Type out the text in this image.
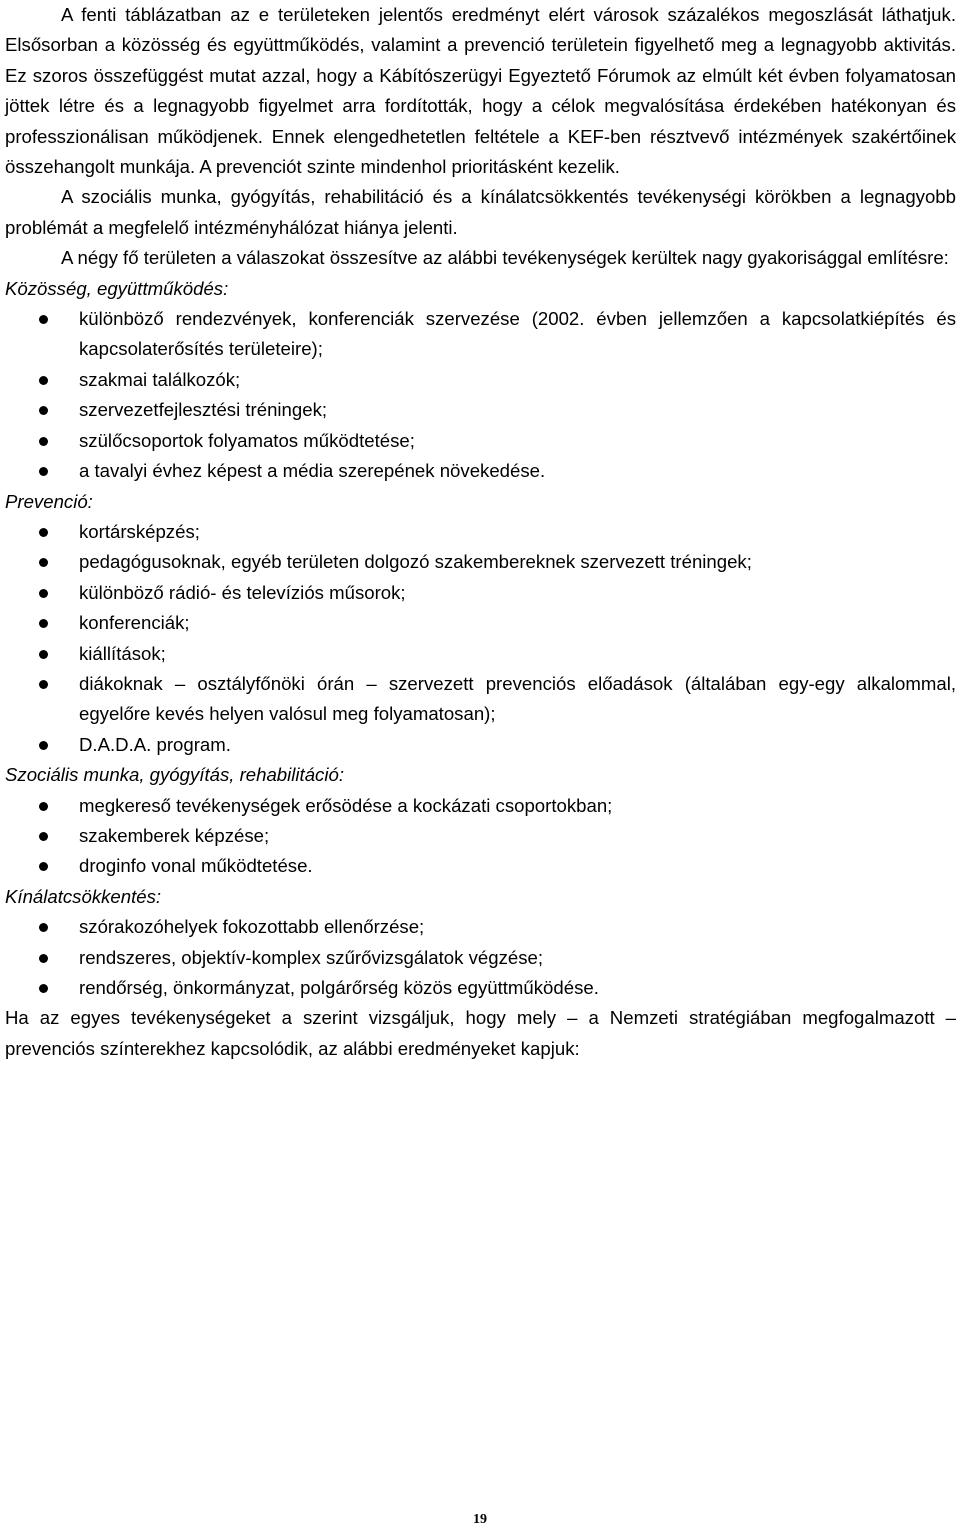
A fenti táblázatban az e területeken jelentős eredményt elért városok százalékos megoszlását láthatjuk. Elsősorban a közösség és együttműködés, valamint a prevenció területein figyelhető meg a legnagyobb aktivitás. Ez szoros összefüggést mutat azzal, hogy a Kábítószerügyi Egyeztető Fórumok az elmúlt két évben folyamatosan jöttek létre és a legnagyobb figyelmet arra fordították, hogy a célok megvalósítása érdekében hatékonyan és professzionálisan működjenek. Ennek elengedhetetlen feltétele a KEF-ben résztvevő intézmények szakértőinek összehangolt munkája. A prevenciót szinte mindenhol prioritásként kezelik.

A szociális munka, gyógyítás, rehabilitáció és a kínálatcsökkentés tevékenységi körökben a legnagyobb problémát a megfelelő intézményhálózat hiánya jelenti.

A négy fő területen a válaszokat összesítve az alábbi tevékenységek kerültek nagy gyakorisággal említésre:

Közösség, együttműködés:

különböző rendezvények, konferenciák szervezése (2002. évben jellemzően a kapcsolatkiépítés és kapcsolaterősítés területeire);
szakmai találkozók;
szervezetfejlesztési tréningek;
szülőcsoportok folyamatos működtetése;
a tavalyi évhez képest a média szerepének növekedése.

Prevenció:

kortársképzés;
pedagógusoknak, egyéb területen dolgozó szakembereknek szervezett tréningek;
különböző rádió- és televíziós műsorok;
konferenciák;
kiállítások;
diákoknak – osztályfőnöki órán – szervezett prevenciós előadások (általában egy-egy alkalommal, egyelőre kevés helyen valósul meg folyamatosan);
D.A.D.A. program.

Szociális munka, gyógyítás, rehabilitáció:

megkereső tevékenységek erősödése a kockázati csoportokban;
szakemberek képzése;
droginfo vonal működtetése.

Kínálatcsökkentés:

szórakozóhelyek fokozottabb ellenőrzése;
rendszeres, objektív-komplex szűrővizsgálatok végzése;
rendőrség, önkormányzat, polgárőrség közös együttműködése.

Ha az egyes tevékenységeket a szerint vizsgáljuk, hogy mely – a Nemzeti stratégiában megfogalmazott – prevenciós színterekhez kapcsolódik, az alábbi eredményeket kapjuk:

19
